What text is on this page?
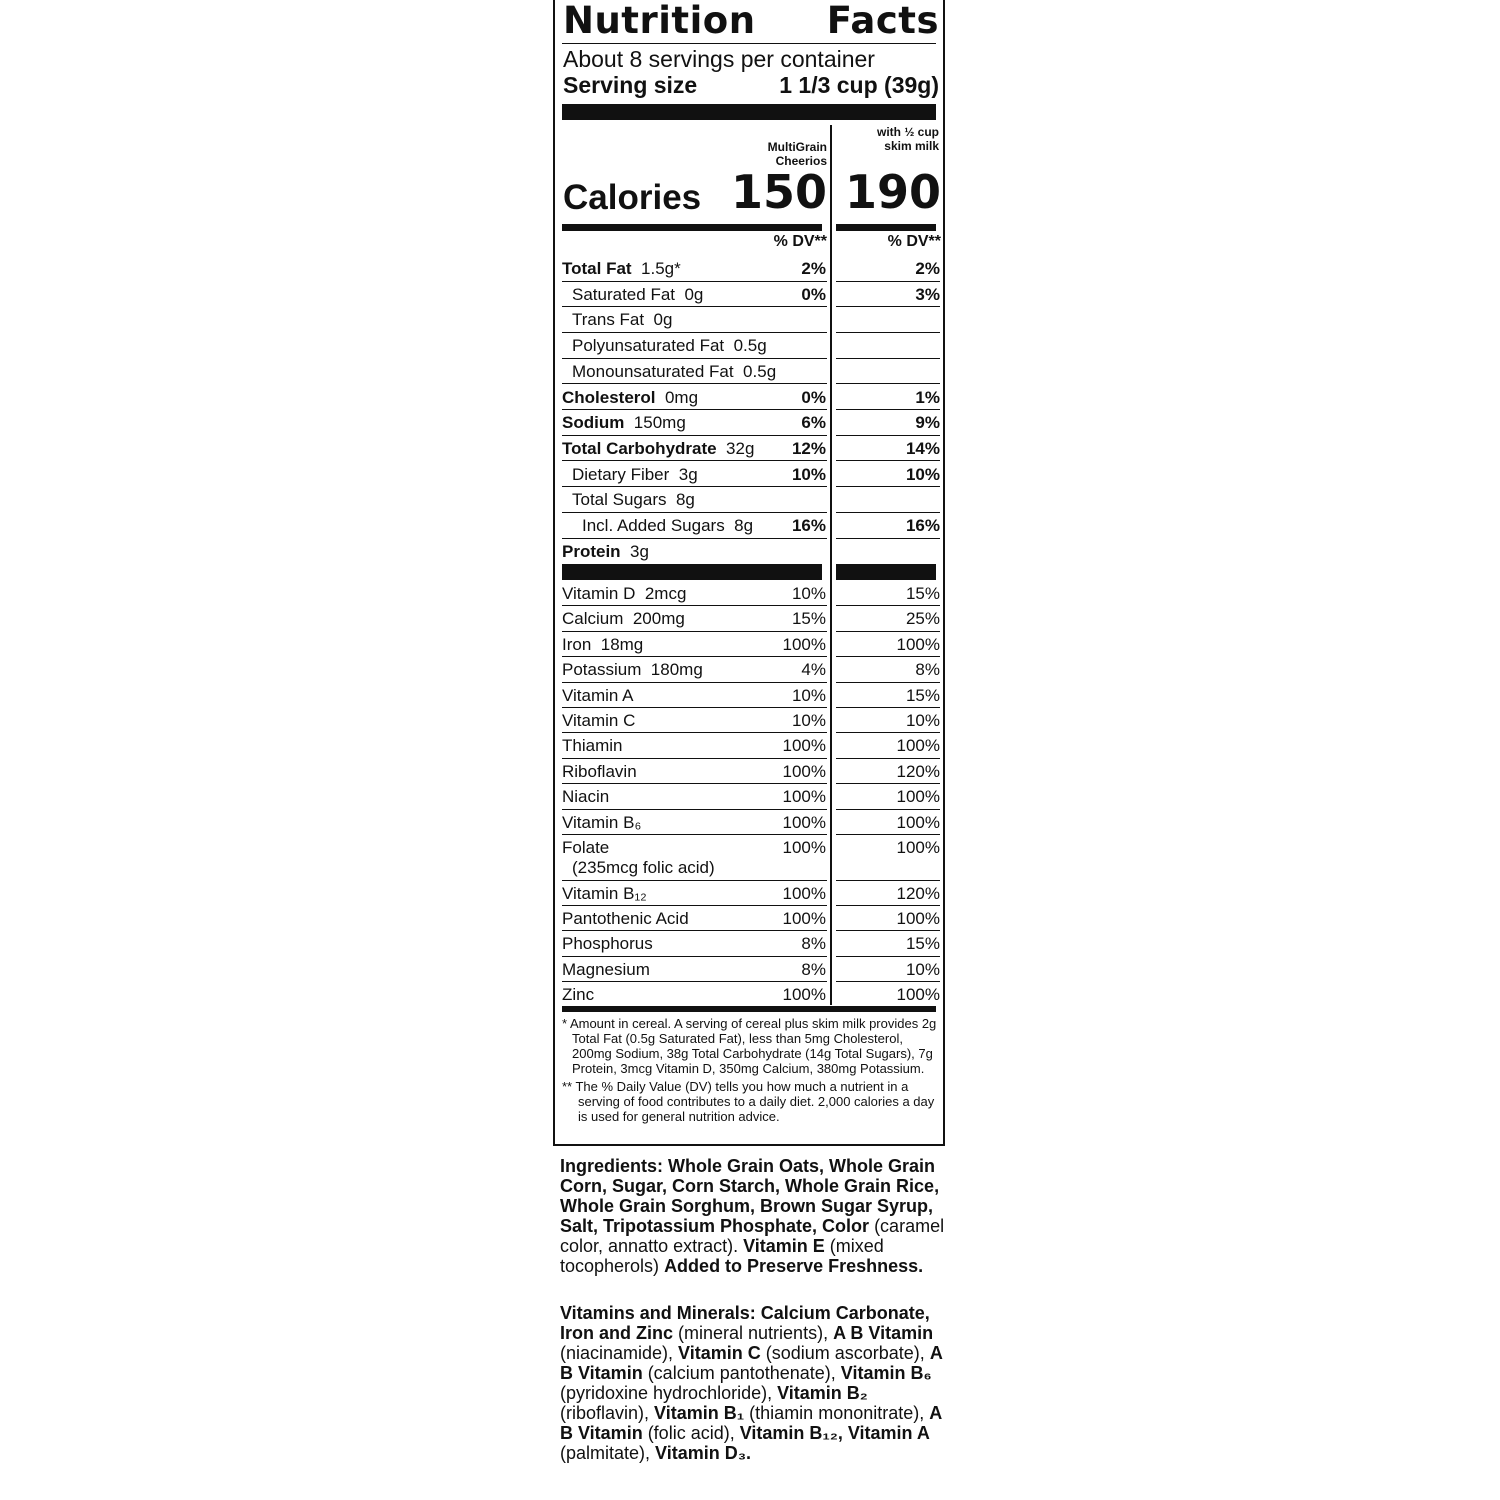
Nutrition Facts
About 8 servings per container
Serving size	1 1/3 cup (39g)
MultiGrain Cheerios
with ½ cup skim milk
Calories 150 190
% DV**	% DV**
Total Fat  1.5g*	2%	2%
Saturated Fat  0g	0%	3%
Trans Fat  0g
Polyunsaturated Fat  0.5g
Monounsaturated Fat  0.5g
Cholesterol  0mg	0%	1%
Sodium  150mg	6%	9%
Total Carbohydrate  32g 12%	14%
Dietary Fiber  3g	10%	10%
Total Sugars  8g
Incl. Added Sugars  8g 16%	16%
Protein  3g
Vitamin D  2mcg	10%	15%
Calcium  200mg	15%	25%
Iron  18mg	100%	100%
Potassium  180mg	4%	8%
Vitamin A	10%	15%
Vitamin C	10%	10%
Thiamin	100%	100%
Riboflavin	100%	120%
Niacin	100%	100%
Vitamin B₆	100%	100%
Folate
(235mcg folic acid)
100%	100%
Vitamin B₁₂	100%	120%
Pantothenic Acid	100%	100%
Phosphorus	8%	15%
Magnesium	8%	10%
Zinc	100%	100%
* Amount in cereal. A serving of cereal plus skim milk provides 2g Total Fat (0.5g Saturated Fat), less than 5mg Cholesterol, 200mg Sodium, 38g Total Carbohydrate (14g Total Sugars), 7g Protein, 3mcg Vitamin D, 350mg Calcium, 380mg Potassium.
** The % Daily Value (DV) tells you how much a nutrient in a serving of food contributes to a daily diet. 2,000 calories a day is used for general nutrition advice.
Ingredients: Whole Grain Oats, Whole Grain Corn, Sugar, Corn Starch, Whole Grain Rice, Whole Grain Sorghum, Brown Sugar Syrup, Salt, Tripotassium Phosphate, Color (caramel color, annatto extract). Vitamin E (mixed tocopherols) Added to Preserve Freshness.
Vitamins and Minerals: Calcium Carbonate, Iron and Zinc (mineral nutrients), A B Vitamin (niacinamide), Vitamin C (sodium ascorbate), A B Vitamin (calcium pantothenate), Vitamin B₆ (pyridoxine hydrochloride), Vitamin B₂ (riboflavin), Vitamin B₁ (thiamin mononitrate), A B Vitamin (folic acid), Vitamin B₁₂, Vitamin A (palmitate), Vitamin D₃.
